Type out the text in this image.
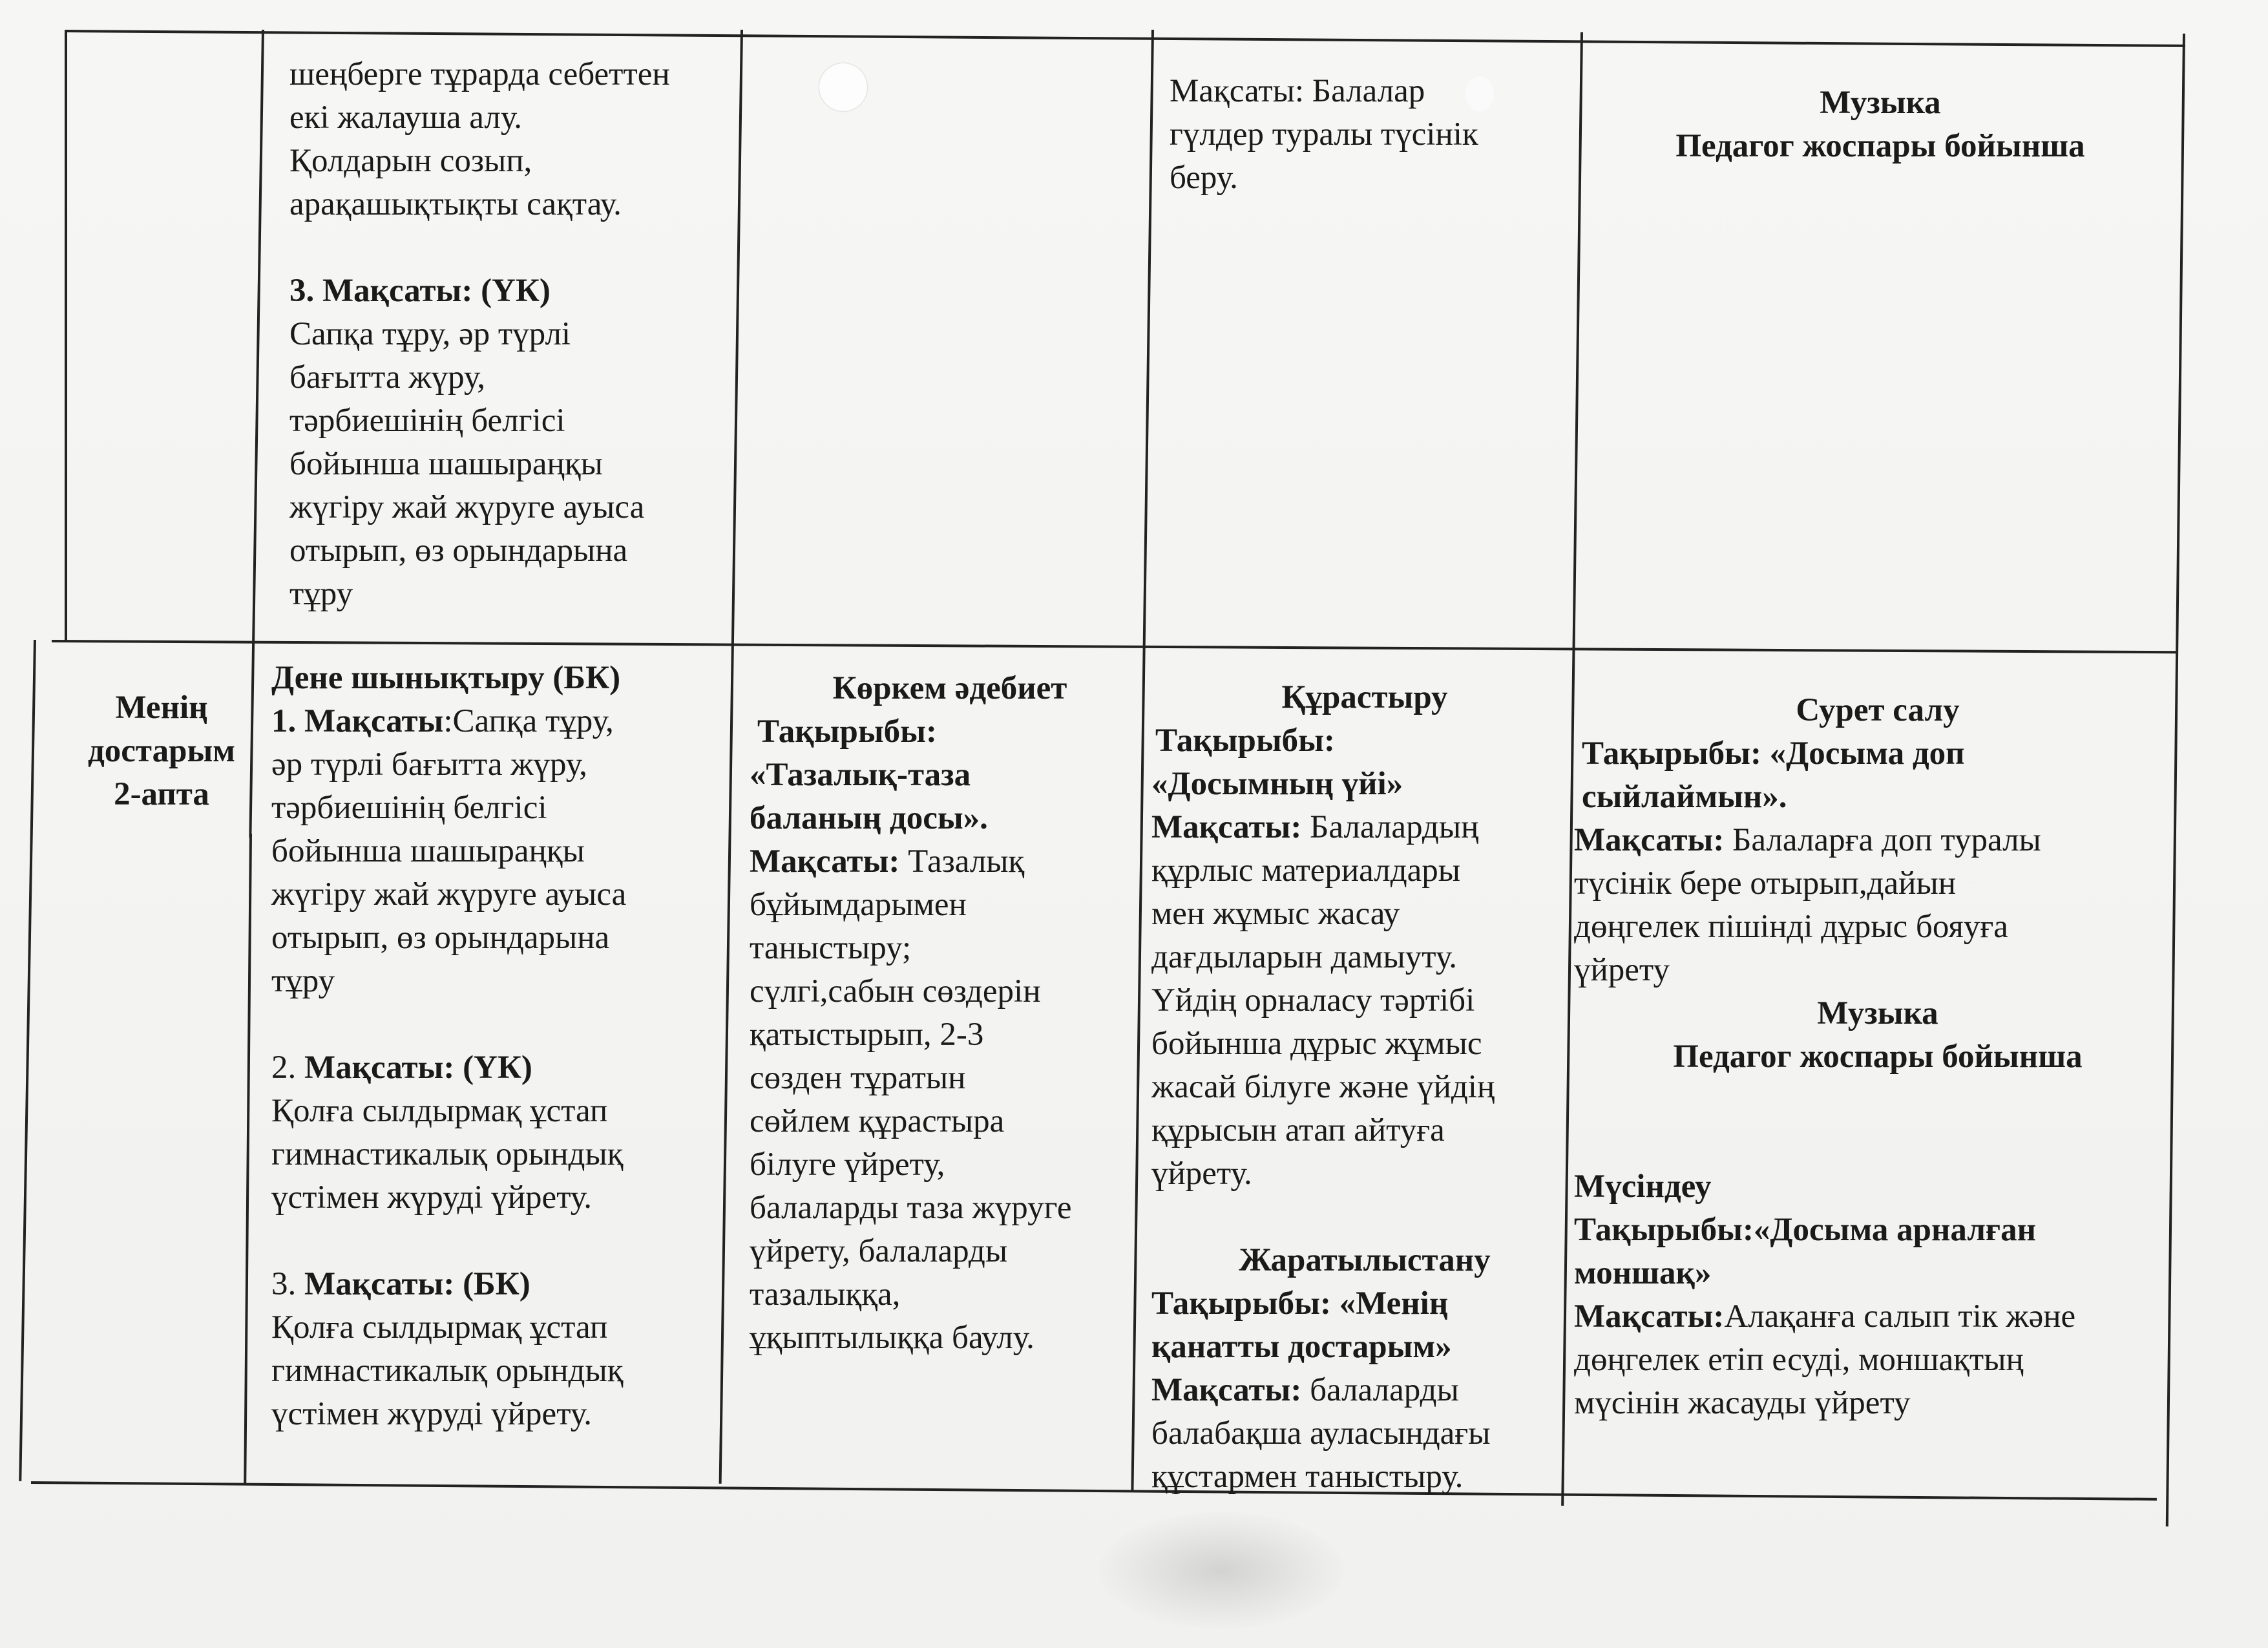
шеңберге тұрарда себеттен
екі жалауша алу.
Қолдарын созып,
арақашықтықты сақтау.
3. Мақсаты: (ҮК)
Сапқа тұру, әр түрлі
бағытта жүру,
тәрбиешінің белгісі
бойынша шашыраңқы
жүгіру жай жүруге ауыса
отырып, өз орындарына
тұру
Мақсаты: Балалар
гүлдер туралы түсінік
беру.
Музыка
Педагог жоспары бойынша
Менің
достарым
2-апта
Дене шынықтыру (БК)
1. Мақсаты:Сапқа тұру,
әр түрлі бағытта жүру,
тәрбиешінің белгісі
бойынша шашыраңқы
жүгіру жай жүруге ауыса
отырып, өз орындарына
тұру
2. Мақсаты: (ҮК)
Қолға сылдырмақ ұстап
гимнастикалық орындық
үстімен жүруді үйрету.
3. Мақсаты: (БК)
Қолға сылдырмақ ұстап
гимнастикалық орындық
үстімен жүруді үйрету.
Көркем әдебиет
Тақырыбы:
«Тазалық-таза
баланың досы».
Мақсаты: Тазалық
бұйымдарымен
таныстыру;
сүлгі,сабын сөздерін
қатыстырып, 2-3
сөзден тұратын
сөйлем құрастыра
білуге үйрету,
балаларды таза жүруге
үйрету, балаларды
тазалыққа,
ұқыптылыққа баулу.
Құрастыру
Тақырыбы:
«Досымның үйі»
Мақсаты: Балалардың
құрлыс материалдары
мен жұмыс жасау
дағдыларын дамыуту.
Үйдің орналасу тәртібі
бойынша дұрыс жұмыс
жасай білуге және үйдің
құрысын атап айтуға
үйрету.
Жаратылыстану
Тақырыбы: «Менің
қанатты достарым»
Мақсаты: балаларды
балабақша ауласындағы
құстармен таныстыру.
Сурет салу
Тақырыбы: «Досыма доп
сыйлаймын».
Мақсаты: Балаларға доп туралы
түсінік бере отырып,дайын
дөңгелек пішінді дұрыс бояуға
үйрету
Музыка
Педагог жоспары бойынша
Мүсіндеу
Тақырыбы:«Досыма арналған
моншақ»
Мақсаты:Алақанға салып тік және
дөңгелек етіп есуді, моншақтың
мүсінін жасауды үйрету
